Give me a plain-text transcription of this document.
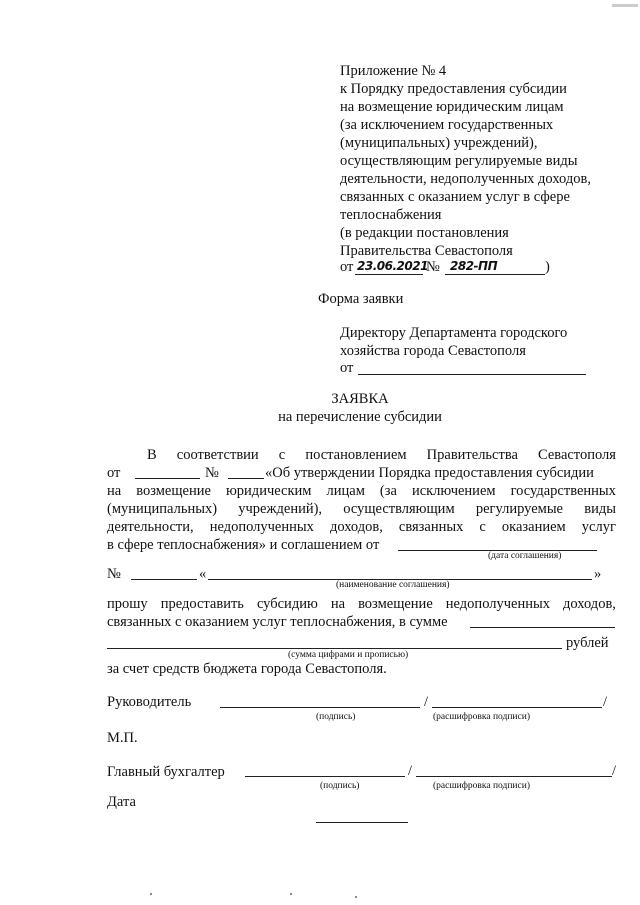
Приложение № 4
к Порядку предоставления субсидии
на возмещение юридическим лицам
(за исключением государственных
(муниципальных) учреждений),
осуществляющим регулируемые виды
деятельности, недополученных доходов,
связанных с оказанием услуг в сфере
теплоснабжения
(в редакции постановления
Правительства Севастополя
от 23.06.2021
№ 282-ПП	)
Форма заявки
Директору Департамента городского
хозяйства города Севастополя
от
ЗАЯВКА
на перечисление субсидии
В соответствии с постановлением Правительства Севастополя
от	№	«Об утверждении Порядка предоставления субсидии
на возмещение юридическим лицам (за исключением государственных
(муниципальных) учреждений), осуществляющим регулируемые виды
деятельности, недополученных доходов, связанных с оказанием услуг
в сфере теплоснабжения» и соглашением от
(дата соглашения)
№	«	»
(наименование соглашения)
прошу предоставить субсидию на возмещение недополученных доходов,
связанных с оказанием услуг теплоснабжения, в сумме
рублей
(сумма цифрами и прописью)
за счет средств бюджета города Севастополя.
Руководитель	/	/
(подпись)	(расшифровка подписи)
М.П.
Главный бухгалтер	/	/
(подпись)	(расшифровка подписи)
Дата
